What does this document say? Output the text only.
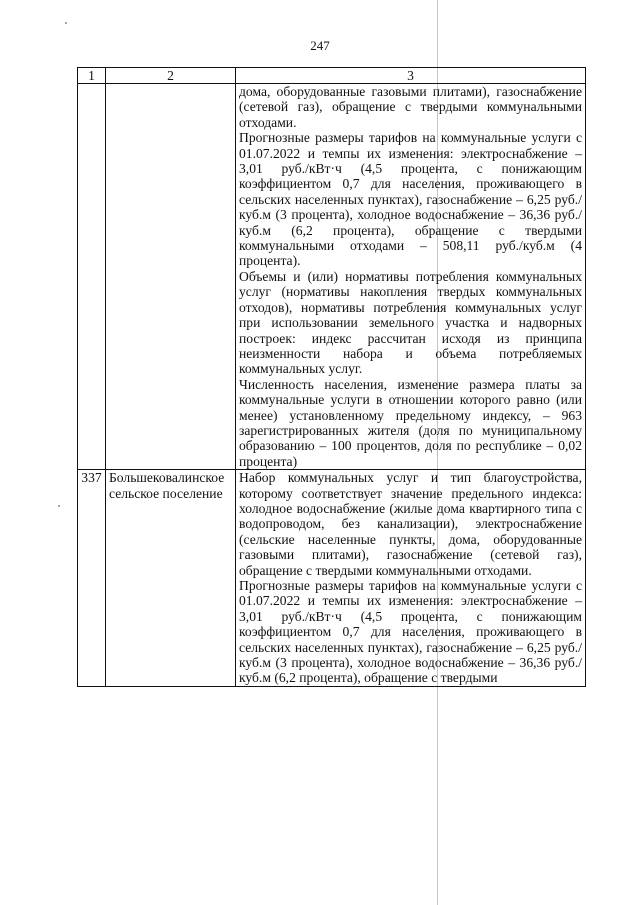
247
1	2	3

		дома, оборудованные газовыми плитами), газоснабжение (сетевой газ), обращение с твердыми коммунальными отходами.

Прогнозные размеры тарифов на коммунальные услуги с 01.07.2022 и темпы их изменения: электроснабжение – 3,01 руб./кВт·ч (4,5 процента, с понижающим коэффициентом 0,7 для населения, проживающего в сельских населенных пунктах), газоснабжение – 6,25 руб./куб.м (3 процента), холодное водоснабжение – 36,36 руб./куб.м (6,2 процента), обращение с твердыми коммунальными отходами – 508,11 руб./куб.м (4 процента).

Объемы и (или) нормативы потребления коммунальных услуг (нормативы накопления твердых коммунальных отходов), нормативы потребления коммунальных услуг при использовании земельного участка и надворных построек: индекс рассчитан исходя из принципа неизменности набора и объема потребляемых коммунальных услуг.

Численность населения, изменение размера платы за коммунальные услуги в отношении которого равно (или менее) установленному предельному индексу, – 963 зарегистрированных жителя (доля по муниципальному образованию – 100 процентов, доля по республике – 0,02 процента)

337	Большековалинское сельское поселение	Набор коммунальных услуг и тип благоустройства, которому соответствует значение предельного индекса: холодное водоснабжение (жилые дома квартирного типа с водопроводом, без канализации), электроснабжение (сельские населенные пункты, дома, оборудованные газовыми плитами), газоснабжение (сетевой газ), обращение с твердыми коммунальными отходами.

Прогнозные размеры тарифов на коммунальные услуги с 01.07.2022 и темпы их изменения: электроснабжение – 3,01 руб./кВт·ч (4,5 процента, с понижающим коэффициентом 0,7 для населения, проживающего в сельских населенных пунктах), газоснабжение – 6,25 руб./куб.м (3 процента), холодное водоснабжение – 36,36 руб./куб.м (6,2 процента), обращение с твердыми
